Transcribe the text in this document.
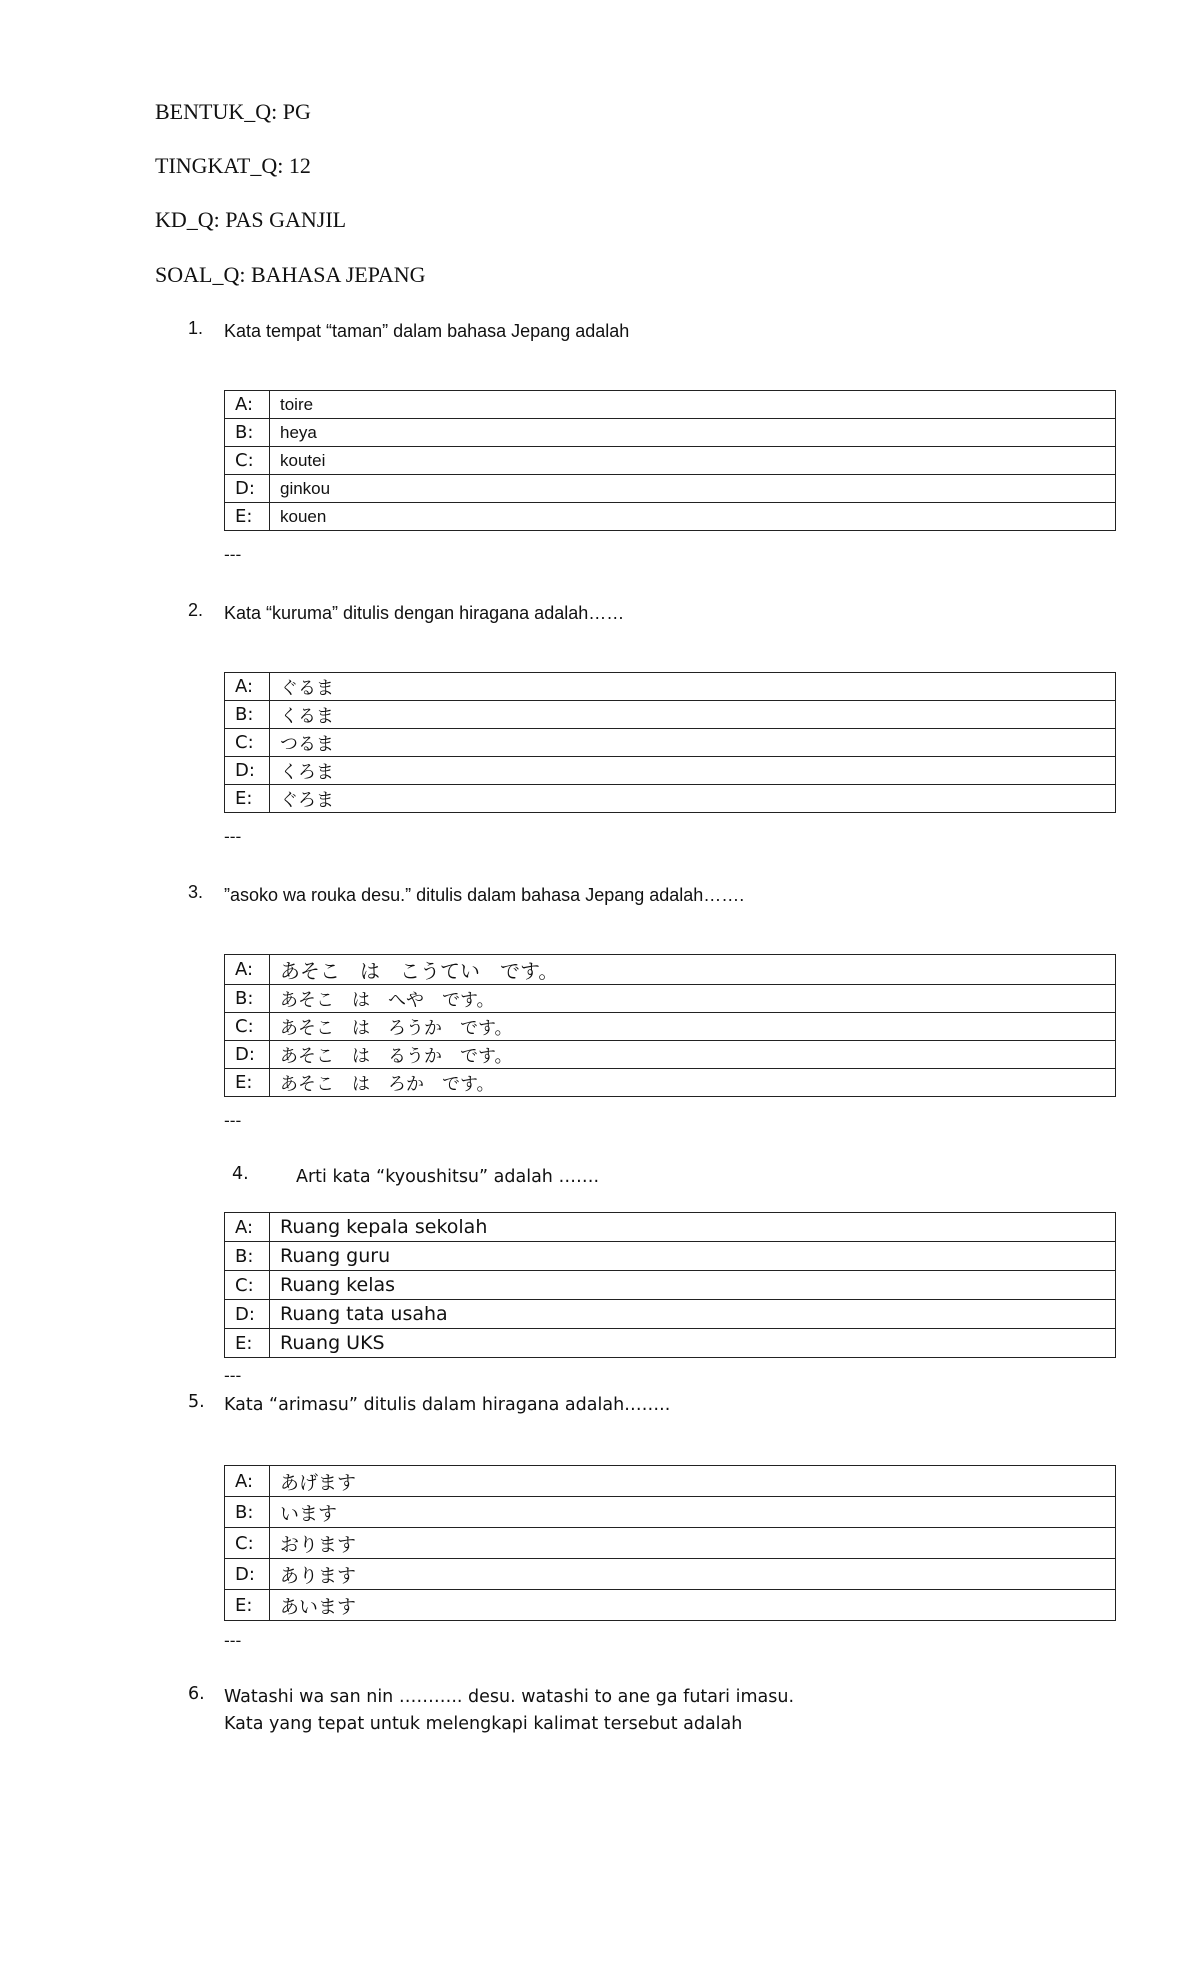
BENTUK_Q: PG
TINGKAT_Q: 12
KD_Q: PAS GANJIL
SOAL_Q: BAHASA JEPANG
1. Kata tempat “taman” dalam bahasa Jepang adalah
A:	toire
B:	heya
C:	koutei
D:	ginkou
E:	kouen
---
2. Kata “kuruma” ditulis dengan hiragana adalah……
A:	ぐるま
B:	くるま
C:	つるま
D:	くろま
E:	ぐろま
---
3. ”asoko wa rouka desu.” ditulis dalam bahasa Jepang adalah…….
A:	あそこ　は　こうてい　です。
B:	あそこ　は　へや　です。
C:	あそこ　は　ろうか　です。
D:	あそこ　は　るうか　です。
E:	あそこ　は　ろか　です。
---
4.	Arti kata “kyoushitsu” adalah …….
A:	Ruang kepala sekolah
B:	Ruang guru
C:	Ruang kelas
D:	Ruang tata usaha
E:	Ruang UKS
---
5. Kata “arimasu” ditulis dalam hiragana adalah……..
A:	あげます
B:	います
C:	おります
D:	あります
E:	あいます
---
6. Watashi wa san nin ……….. desu. watashi to ane ga futari imasu.
Kata yang tepat untuk melengkapi kalimat tersebut adalah
